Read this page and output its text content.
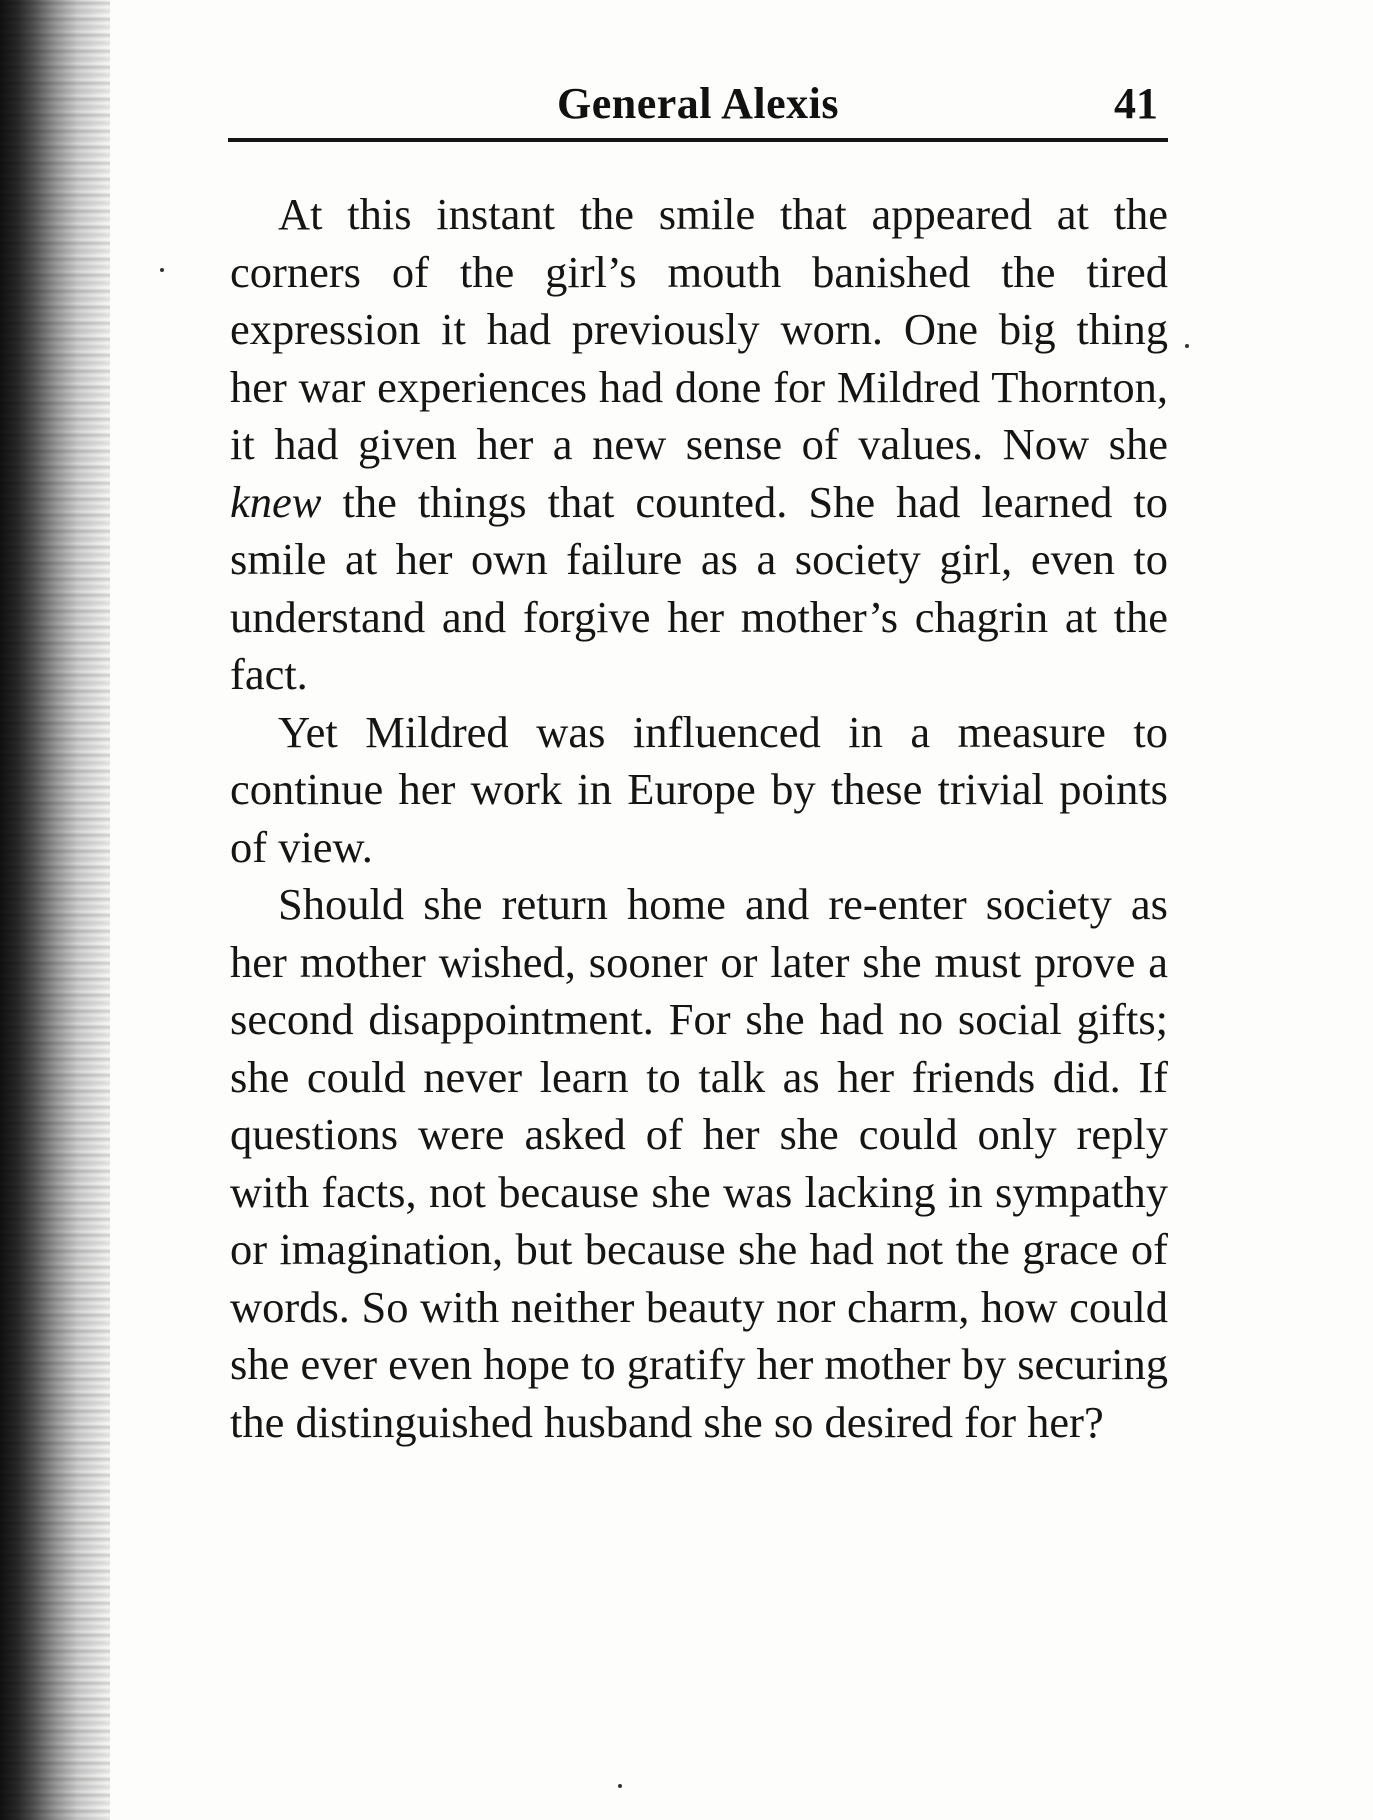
General Alexis	41

At this instant the smile that appeared at the corners of the girl’s mouth banished the tired expression it had previously worn. One big thing her war experiences had done for Mildred Thornton, it had given her a new sense of values. Now she knew the things that counted. She had learned to smile at her own failure as a society girl, even to understand and forgive her mother’s chagrin at the fact.

Yet Mildred was influenced in a measure to continue her work in Europe by these trivial points of view.

Should she return home and re-enter society as her mother wished, sooner or later she must prove a second disappointment. For she had no social gifts; she could never learn to talk as her friends did. If questions were asked of her she could only reply with facts, not because she was lacking in sympathy or imagination, but because she had not the grace of words. So with neither beauty nor charm, how could she ever even hope to gratify her mother by securing the distinguished husband she so desired for her?
